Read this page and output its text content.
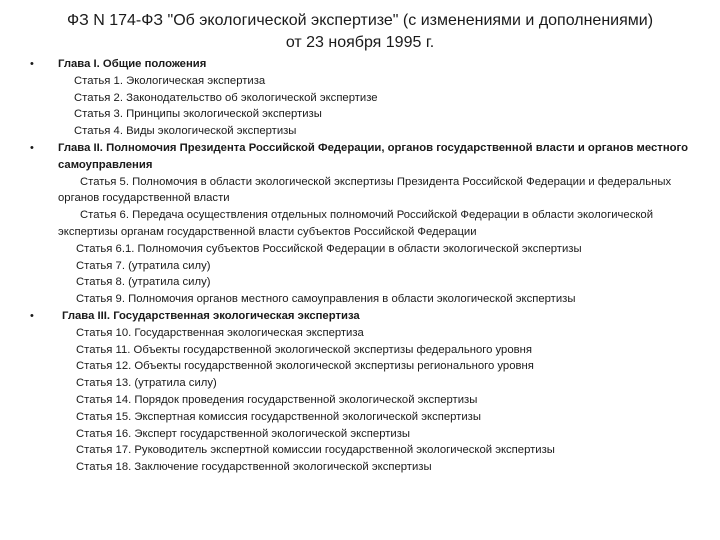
ФЗ N 174-ФЗ "Об экологической экспертизе" (с изменениями и дополнениями)
от 23 ноября 1995 г.
•	Глава I. Общие положения
Статья 1. Экологическая экспертиза
Статья 2. Законодательство об экологической экспертизе
Статья 3. Принципы экологической экспертизы
Статья 4. Виды экологической экспертизы
•	Глава II. Полномочия Президента Российской Федерации, органов государственной власти и органов местного самоуправления
Статья 5. Полномочия в области экологической экспертизы Президента Российской Федерации и федеральных органов государственной власти
Статья 6. Передача осуществления отдельных полномочий Российской Федерации в области экологической экспертизы органам государственной власти субъектов Российской Федерации
Статья 6.1. Полномочия субъектов Российской Федерации в области экологической экспертизы
Статья 7. (утратила силу)
Статья 8. (утратила силу)
Статья 9. Полномочия органов местного самоуправления в области экологической экспертизы
•	Глава III. Государственная экологическая экспертиза
Статья 10. Государственная экологическая экспертиза
Статья 11. Объекты государственной экологической экспертизы федерального уровня
Статья 12. Объекты государственной экологической экспертизы регионального уровня
Статья 13. (утратила силу)
Статья 14. Порядок проведения государственной экологической экспертизы
Статья 15. Экспертная комиссия государственной экологической экспертизы
Статья 16. Эксперт государственной экологической экспертизы
Статья 17. Руководитель экспертной комиссии государственной экологической экспертизы
Статья 18. Заключение государственной экологической экспертизы
